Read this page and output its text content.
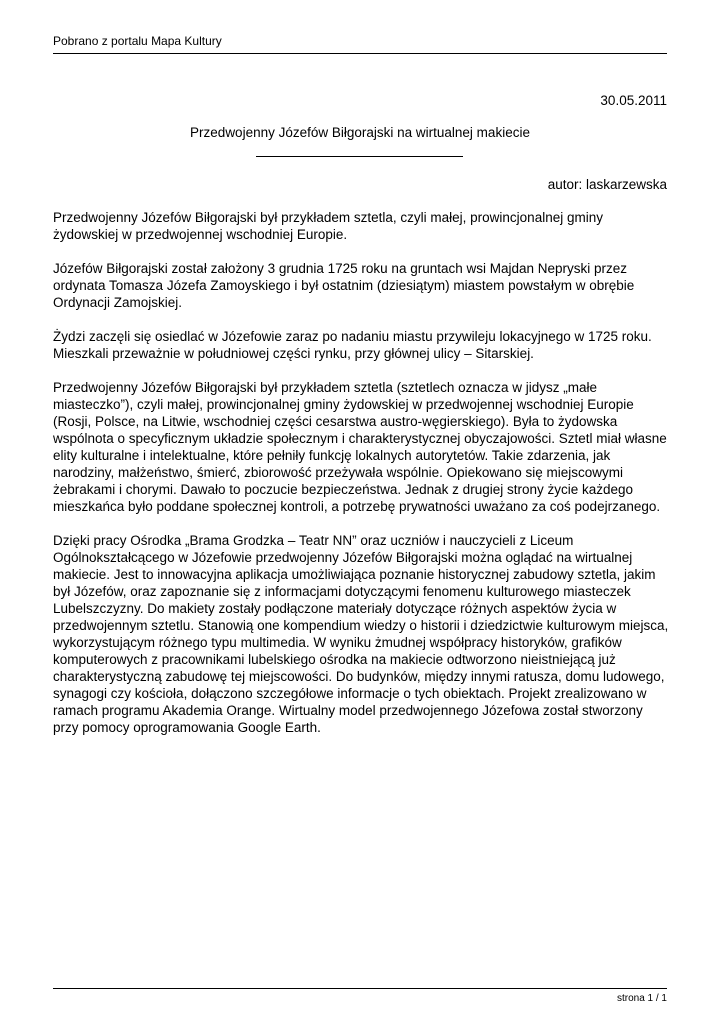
Pobrano z portalu Mapa Kultury
30.05.2011
Przedwojenny Józefów Biłgorajski na wirtualnej makiecie
autor: laskarzewska

Przedwojenny Józefów Biłgorajski był przykładem sztetla, czyli małej, prowincjonalnej gminy żydowskiej w przedwojennej wschodniej Europie.

Józefów Biłgorajski został założony 3 grudnia 1725 roku na gruntach wsi Majdan Nepryski przez ordynata Tomasza Józefa Zamoyskiego i był ostatnim (dziesiątym) miastem powstałym w obrębie Ordynacji Zamojskiej.

Żydzi zaczęli się osiedlać w Józefowie zaraz po nadaniu miastu przywileju lokacyjnego w 1725 roku. Mieszkali przeważnie w południowej części rynku, przy głównej ulicy – Sitarskiej.

Przedwojenny Józefów Biłgorajski był przykładem sztetla (sztetlech oznacza w jidysz „małe miasteczko”), czyli małej, prowincjonalnej gminy żydowskiej w przedwojennej wschodniej Europie (Rosji, Polsce, na Litwie, wschodniej części cesarstwa austro-węgierskiego). Była to żydowska wspólnota o specyficznym układzie społecznym i charakterystycznej obyczajowości. Sztetl miał własne elity kulturalne i intelektualne, które pełniły funkcję lokalnych autorytetów. Takie zdarzenia, jak narodziny, małżeństwo, śmierć, zbiorowość przeżywała wspólnie. Opiekowano się miejscowymi żebrakami i chorymi. Dawało to poczucie bezpieczeństwa. Jednak z drugiej strony życie każdego mieszkańca było poddane społecznej kontroli, a potrzebę prywatności uważano za coś podejrzanego.

Dzięki pracy Ośrodka „Brama Grodzka – Teatr NN” oraz uczniów i nauczycieli z Liceum Ogólnokształcącego w Józefowie przedwojenny Józefów Biłgorajski można oglądać na wirtualnej makiecie. Jest to innowacyjna aplikacja umożliwiająca poznanie historycznej zabudowy sztetla, jakim był Józefów, oraz zapoznanie się z informacjami dotyczącymi fenomenu kulturowego miasteczek Lubelszczyzny. Do makiety zostały podłączone materiały dotyczące różnych aspektów życia w przedwojennym sztetlu. Stanowią one kompendium wiedzy o historii i dziedzictwie kulturowym miejsca, wykorzystującym różnego typu multimedia. W wyniku żmudnej współpracy historyków, grafików komputerowych z pracownikami lubelskiego ośrodka na makiecie odtworzono nieistniejącą już charakterystyczną zabudowę tej miejscowości. Do budynków, między innymi ratusza, domu ludowego, synagogi czy kościoła, dołączono szczegółowe informacje o tych obiektach. Projekt zrealizowano w ramach programu Akademia Orange. Wirtualny model przedwojennego Józefowa został stworzony przy pomocy oprogramowania Google Earth.

strona 1 / 1
